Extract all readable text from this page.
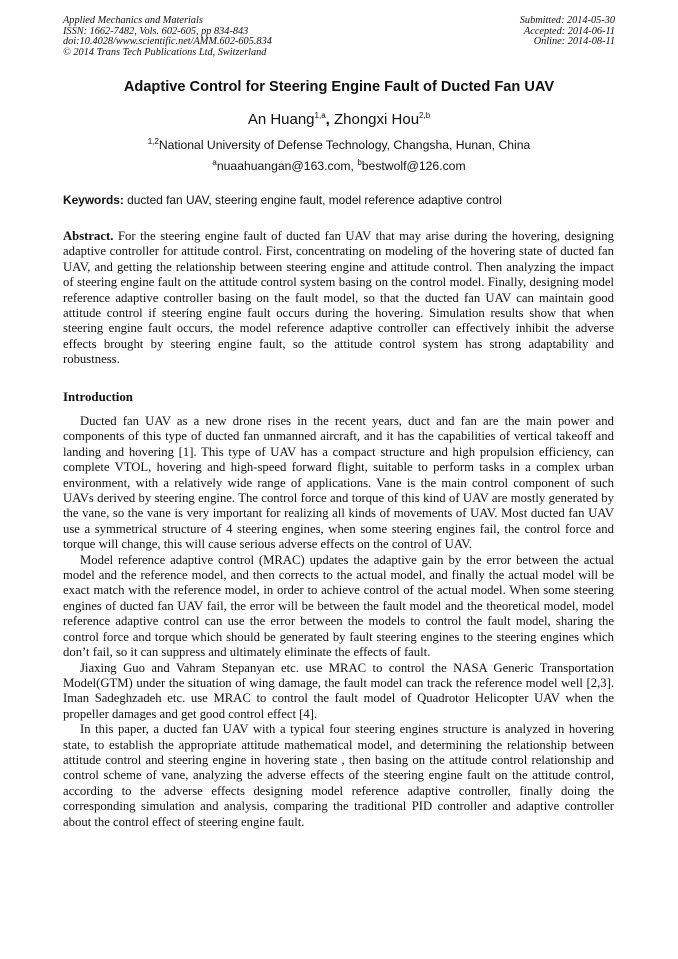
Applied Mechanics and Materials
ISSN: 1662-7482, Vols. 602-605, pp 834-843
doi:10.4028/www.scientific.net/AMM.602-605.834
© 2014 Trans Tech Publications Ltd, Switzerland
Submitted: 2014-05-30
Accepted: 2014-06-11
Online: 2014-08-11
Adaptive Control for Steering Engine Fault of Ducted Fan UAV
An Huang$^{1,a}$, Zhongxi Hou$^{2,b}$
$^{1,2}$National University of Defense Technology, Changsha, Hunan, China
$^a$nuaahuangan@163.com, $^b$bestwolf@126.com
Keywords: ducted fan UAV, steering engine fault, model reference adaptive control
Abstract. For the steering engine fault of ducted fan UAV that may arise during the hovering, designing adaptive controller for attitude control. First, concentrating on modeling of the hovering state of ducted fan UAV, and getting the relationship between steering engine and attitude control. Then analyzing the impact of steering engine fault on the attitude control system basing on the control model. Finally, designing model reference adaptive controller basing on the fault model, so that the ducted fan UAV can maintain good attitude control if steering engine fault occurs during the hovering. Simulation results show that when steering engine fault occurs, the model reference adaptive controller can effectively inhibit the adverse effects brought by steering engine fault, so the attitude control system has strong adaptability and robustness.
Introduction

Ducted fan UAV as a new drone rises in the recent years, duct and fan are the main power and components of this type of ducted fan unmanned aircraft, and it has the capabilities of vertical takeoff and landing and hovering [1]. This type of UAV has a compact structure and high propulsion efficiency, can complete VTOL, hovering and high-speed forward flight, suitable to perform tasks in a complex urban environment, with a relatively wide range of applications. Vane is the main control component of such UAVs derived by steering engine. The control force and torque of this kind of UAV are mostly generated by the vane, so the vane is very important for realizing all kinds of movements of UAV. Most ducted fan UAV use a symmetrical structure of 4 steering engines, when some steering engines fail, the control force and torque will change, this will cause serious adverse effects on the control of UAV.

Model reference adaptive control (MRAC) updates the adaptive gain by the error between the actual model and the reference model, and then corrects to the actual model, and finally the actual model will be exact match with the reference model, in order to achieve control of the actual model. When some steering engines of ducted fan UAV fail, the error will be between the fault model and the theoretical model, model reference adaptive control can use the error between the models to control the fault model, sharing the control force and torque which should be generated by fault steering engines to the steering engines which don’t fail, so it can suppress and ultimately eliminate the effects of fault.

Jiaxing Guo and Vahram Stepanyan etc. use MRAC to control the NASA Generic Transportation Model(GTM) under the situation of wing damage, the fault model can track the reference model well [2,3]. Iman Sadeghzadeh etc. use MRAC to control the fault model of Quadrotor Helicopter UAV when the propeller damages and get good control effect [4].

In this paper, a ducted fan UAV with a typical four steering engines structure is analyzed in hovering state, to establish the appropriate attitude mathematical model, and determining the relationship between attitude control and steering engine in hovering state , then basing on the attitude control relationship and control scheme of vane, analyzing the adverse effects of the steering engine fault on the attitude control, according to the adverse effects designing model reference adaptive controller, finally doing the corresponding simulation and analysis, comparing the traditional PID controller and adaptive controller about the control effect of steering engine fault.
